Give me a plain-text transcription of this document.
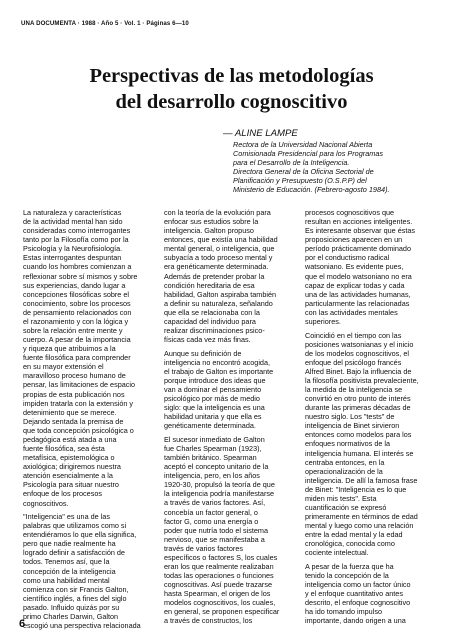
UNA DOCUMENTA · 1988 · Año 5 · Vol. 1 · Páginas 6—10
Perspectivas de las metodologías
del desarrollo cognoscitivo
— ALINE LAMPE
Rectora de la Universidad Nacional Abierta
Comisionada Presidencial para los Programas
para el Desarrollo de la Inteligencia.
Directora General de la Oficina Sectorial de
Planificación y Presupuesto (O.S.P.P) del
Ministerio de Educación. (Febrero-agosto 1984).
La naturaleza y características
de la actividad mental han sido
consideradas como interrogantes
tanto por la Filosofía como por la
Psicología y la Neurofisiología.
Estas interrogantes despuntan
cuando los hombres comienzan a
reflexionar sobre sí mismos y sobre
sus experiencias, dando lugar a
concepciones filosóficas sobre el
conocimiento, sobre los procesos
de pensamiento relacionados con
el razonamiento y con la lógica y
sobre la relación entre mente y
cuerpo. A pesar de la importancia
y riqueza que atribuimos a la
fuente filosófica para comprender
en su mayor extensión el
maravilloso proceso humano de
pensar, las limitaciones de espacio
propias de esta publicación nos
impiden tratarla con la extensión y
detenimiento que se merece.
Dejando sentada la premisa de
que toda concepción psicológica o
pedagógica está atada a una
fuente filosófica, sea ésta
metafísica, epistemológica o
axiológica; dirigiremos nuestra
atención esencialmente a la
Psicología para situar nuestro
enfoque de los procesos
cognoscitivos.
"Inteligencia" es una de las
palabras que utilizamos como si
entendiéramos lo que ella significa,
pero que nadie realmente ha
logrado definir a satisfacción de
todos. Tenemos así, que la
concepción de la inteligencia
como una habilidad mental
comienza con sir Francis Galton,
científico inglés, a fines del siglo
pasado. Influido quizás por su
primo Charles Darwin, Galton
escogió una perspectiva relacionada
con la teoría de la evolución para
enfocar sus estudios sobre la
inteligencia. Galton propuso
entonces, que existía una habilidad
mental general, o inteligencia, que
subyacía a todo proceso mental y
era genéticamente determinada.
Además de pretender probar la
condición hereditaria de esa
habilidad, Galton aspiraba también
a definir su naturaleza, señalando
que ella se relacionaba con la
capacidad del individuo para
realizar discriminaciones psico-
físicas cada vez más finas.
Aunque su definición de
inteligencia no encontró acogida,
el trabajo de Galton es importante
porque introduce dos ideas que
van a dominar el pensamiento
psicológico por más de medio
siglo: que la inteligencia es una
habilidad unitaria y que ella es
genéticamente determinada.
El sucesor inmediato de Galton
fue Charles Spearman (1923),
también británico. Spearman
aceptó el concepto unitario de la
inteligencia, pero, en los años
1920-30, propulsó la teoría de que
la inteligencia podría manifestarse
a través de varios factores. Así,
concebía un factor general, o
factor G, como una energía o
poder que nutría todo el sistema
nervioso, que se manifestaba a
través de varios factores
específicos o factores S, los cuales
eran los que realmente realizaban
todas las operaciones o funciones
cognoscitivas. Así puede trazarse
hasta Spearman, el origen de los
modelos cognoscitivos, los cuales,
en general, se proponen especificar
a través de constructos, los
procesos cognoscitivos que
resultan en acciones inteligentes.
Es interesante observar que éstas
proposiciones aparecen en un
período prácticamente dominado
por el conductismo radical
watsoniano. Es evidente pues,
que el modelo watsoniano no era
capaz de explicar todas y cada
una de las actividades humanas,
particularmente las relacionadas
con las actividades mentales
superiores.
Coincidió en el tiempo con las
posiciones watsonianas y el inicio
de los modelos cognoscitivos, el
enfoque del psicólogo francés
Alfred Binet. Bajo la influencia de
la filosofía positivista prevaleciente,
la medida de la inteligencia se
convirtió en otro punto de interés
durante las primeras décadas de
nuestro siglo. Los "tests" de
inteligencia de Binet sirvieron
entonces como modelos para los
enfoques normativos de la
inteligencia humana. El interés se
centraba entonces, en la
operacionalización de la
inteligencia. De allí la famosa frase
de Binet: "Inteligencia es lo que
miden mis tests". Esta
cuantificación se expresó
primeramente en términos de edad
mental y luego como una relación
entre la edad mental y la edad
cronológica, conocida como
cociente intelectual.
A pesar de la fuerza que ha
tenido la concepción de la
inteligencia como un factor único
y el enfoque cuantitativo antes
descrito, el enfoque cognoscitivo
ha ido tomando impulso
importante, dando origen a una
6
